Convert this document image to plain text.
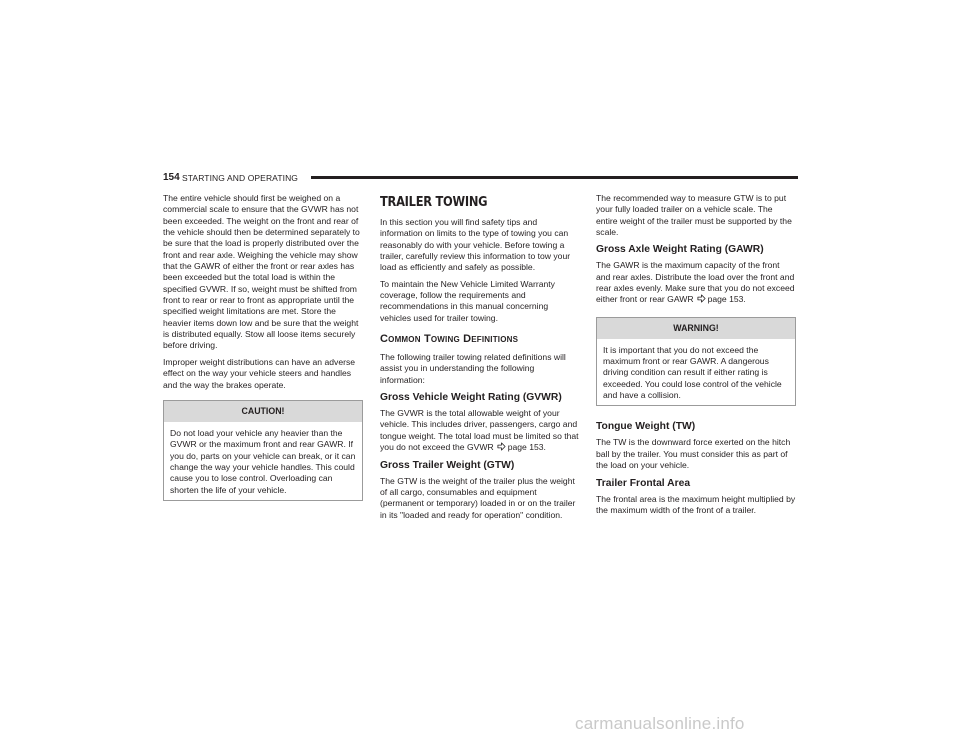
154 STARTING AND OPERATING

The entire vehicle should first be weighed on a commercial scale to ensure that the GVWR has not been exceeded. The weight on the front and rear of the vehicle should then be determined separately to be sure that the load is properly distributed over the front and rear axle. Weighing the vehicle may show that the GAWR of either the front or rear axles has been exceeded but the total load is within the specified GVWR. If so, weight must be shifted from front to rear or rear to front as appropriate until the specified weight limitations are met. Store the heavier items down low and be sure that the weight is distributed equally. Stow all loose items securely before driving.

Improper weight distributions can have an adverse effect on the way your vehicle steers and handles and the way the brakes operate.

CAUTION!

Do not load your vehicle any heavier than the GVWR or the maximum front and rear GAWR. If you do, parts on your vehicle can break, or it can change the way your vehicle handles. This could cause you to lose control. Overloading can shorten the life of your vehicle.

TRAILER TOWING

In this section you will find safety tips and information on limits to the type of towing you can reasonably do with your vehicle. Before towing a trailer, carefully review this information to tow your load as efficiently and safely as possible.

To maintain the New Vehicle Limited Warranty coverage, follow the requirements and recommendations in this manual concerning vehicles used for trailer towing.

Common Towing Definitions

The following trailer towing related definitions will assist you in understanding the following information:

Gross Vehicle Weight Rating (GVWR)

The GVWR is the total allowable weight of your vehicle. This includes driver, passengers, cargo and tongue weight. The total load must be limited so that you do not exceed the GVWR page 153.

Gross Trailer Weight (GTW)

The GTW is the weight of the trailer plus the weight of all cargo, consumables and equipment (permanent or temporary) loaded in or on the trailer in its "loaded and ready for operation" condition.

The recommended way to measure GTW is to put your fully loaded trailer on a vehicle scale. The entire weight of the trailer must be supported by the scale.

Gross Axle Weight Rating (GAWR)

The GAWR is the maximum capacity of the front and rear axles. Distribute the load over the front and rear axles evenly. Make sure that you do not exceed either front or rear GAWR page 153.

WARNING!

It is important that you do not exceed the maximum front or rear GAWR. A dangerous driving condition can result if either rating is exceeded. You could lose control of the vehicle and have a collision.

Tongue Weight (TW)

The TW is the downward force exerted on the hitch ball by the trailer. You must consider this as part of the load on your vehicle.

Trailer Frontal Area

The frontal area is the maximum height multiplied by the maximum width of the front of a trailer.

carmanualsonline.info
